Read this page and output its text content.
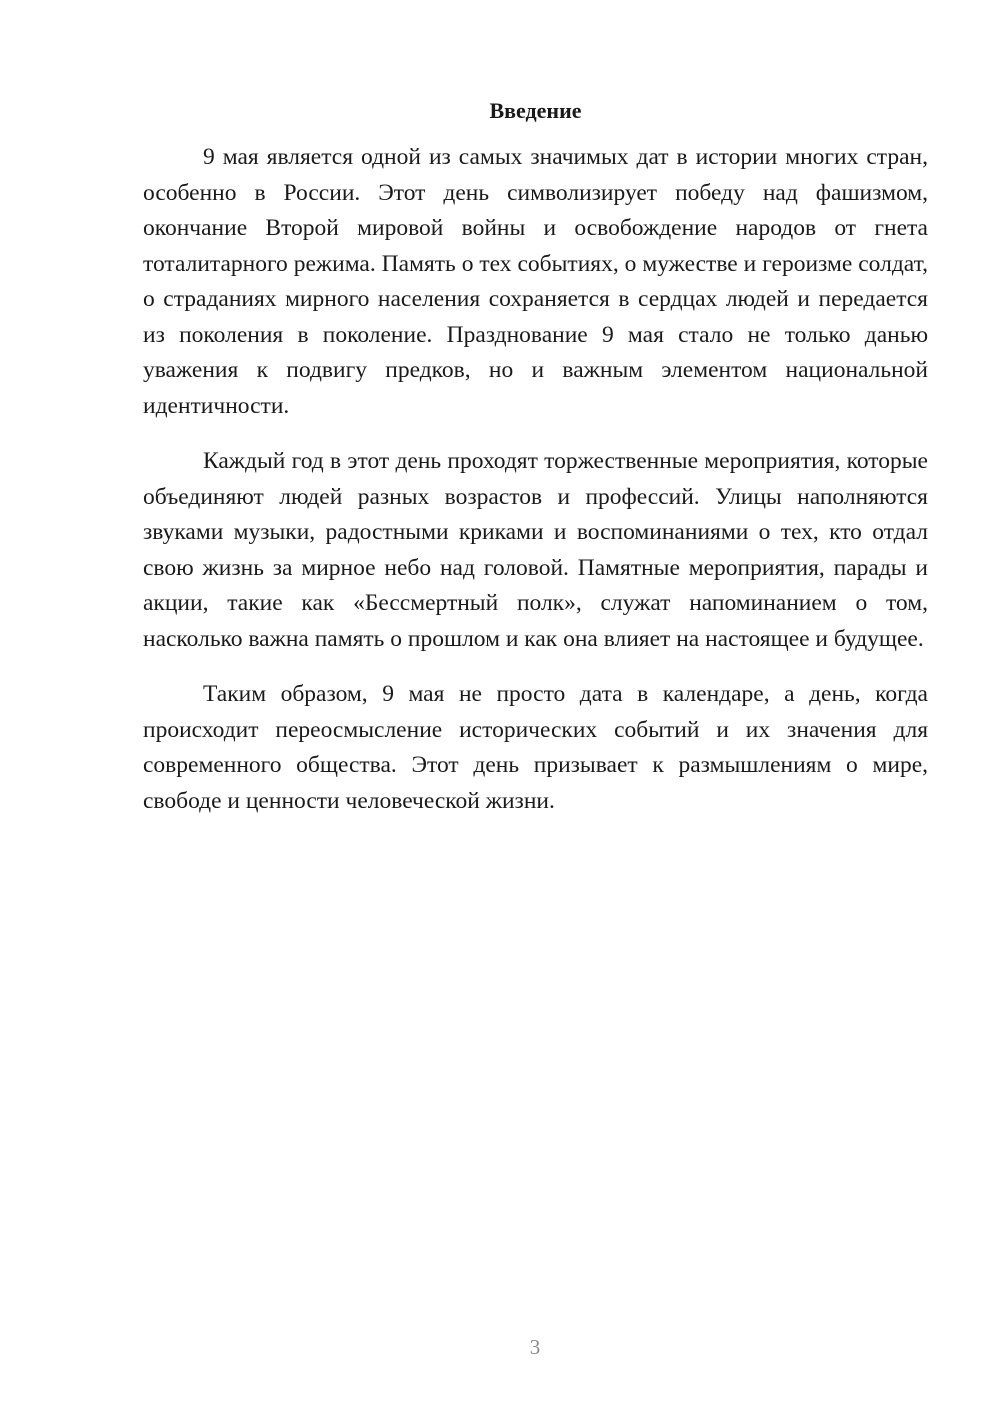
Введение

9 мая является одной из самых значимых дат в истории многих стран, особенно в России. Этот день символизирует победу над фашизмом, окончание Второй мировой войны и освобождение народов от гнета тоталитарного режима. Память о тех событиях, о мужестве и героизме солдат, о страданиях мирного населения сохраняется в сердцах людей и передается из поколения в поколение. Празднование 9 мая стало не только данью уважения к подвигу предков, но и важным элементом национальной идентичности.

Каждый год в этот день проходят торжественные мероприятия, которые объединяют людей разных возрастов и профессий. Улицы наполняются звуками музыки, радостными криками и воспоминаниями о тех, кто отдал свою жизнь за мирное небо над головой. Памятные мероприятия, парады и акции, такие как «Бессмертный полк», служат напоминанием о том, насколько важна память о прошлом и как она влияет на настоящее и будущее.

Таким образом, 9 мая не просто дата в календаре, а день, когда происходит переосмысление исторических событий и их значения для современного общества. Этот день призывает к размышлениям о мире, свободе и ценности человеческой жизни.

3
